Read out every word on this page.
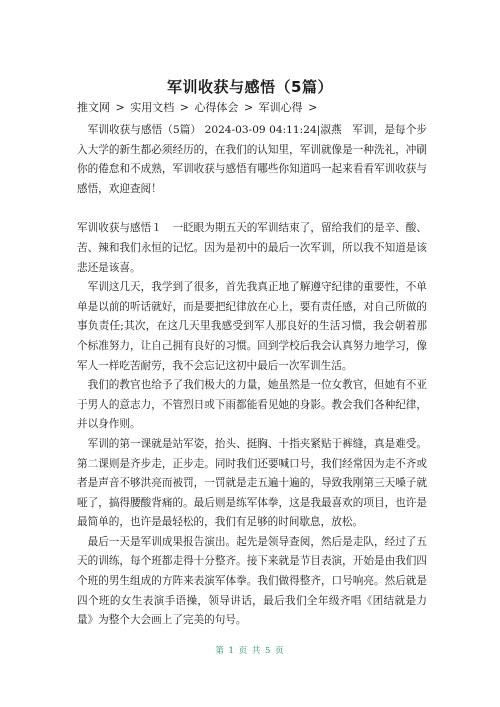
军训收获与感悟（5篇）
推文网 > 实用文档 > 心得体会 > 军训心得 >

军训收获与感悟（5篇） 2024-03-09 04:11:24|淑燕　军训，是每个步入大学的新生都必须经历的，在我们的认知里，军训就像是一种洗礼，冲刷你的倦怠和不成熟，军训收获与感悟有哪些你知道吗一起来看看军训收获与感悟，欢迎查阅！

军训收获与感悟１　一眨眼为期五天的军训结束了，留给我们的是辛、酸、苦、辣和我们永恒的记忆。因为是初中的最后一次军训，所以我不知道是该悲还是该喜。

军训这几天，我学到了很多，首先我真正地了解遵守纪律的重要性，不单单是以前的听话就好，而是要把纪律放在心上，要有责任感，对自己所做的事负责任;其次，在这几天里我感受到军人那良好的生活习惯，我会朝着那个标准努力，让自己拥有良好的习惯。回到学校后我会认真努力地学习，像军人一样吃苦耐劳，我不会忘记这初中最后一次军训生活。

我们的教官也给予了我们极大的力量，她虽然是一位女教官，但她有不亚于男人的意志力，不管烈日或下雨都能看见她的身影。教会我们各种纪律，并以身作则。

军训的第一课就是站军姿，抬头、挺胸、十指夹紧贴于裤缝，真是难受。第二课则是齐步走，正步走。同时我们还要喊口号，我们经常因为走不齐或者是声音不够洪亮而被罚，一罚就是走五遍十遍的，导致我刚第三天嗓子就哑了，搞得腰酸背痛的。最后则是练军体拳，这是我最喜欢的项目，也许是最简单的，也许是最轻松的，我们有足够的时间歇息，放松。

最后一天是军训成果报告演出。起先是领导查阅，然后是走队，经过了五天的训练，每个班都走得十分整齐。接下来就是节目表演，开始是由我们四个班的男生组成的方阵来表演军体拳。我们做得整齐，口号响亮。然后就是四个班的女生表演手语操，领导讲话，最后我们全年级齐唱《团结就是力量》为整个大会画上了完美的句号。

第 1 页 共 5 页
